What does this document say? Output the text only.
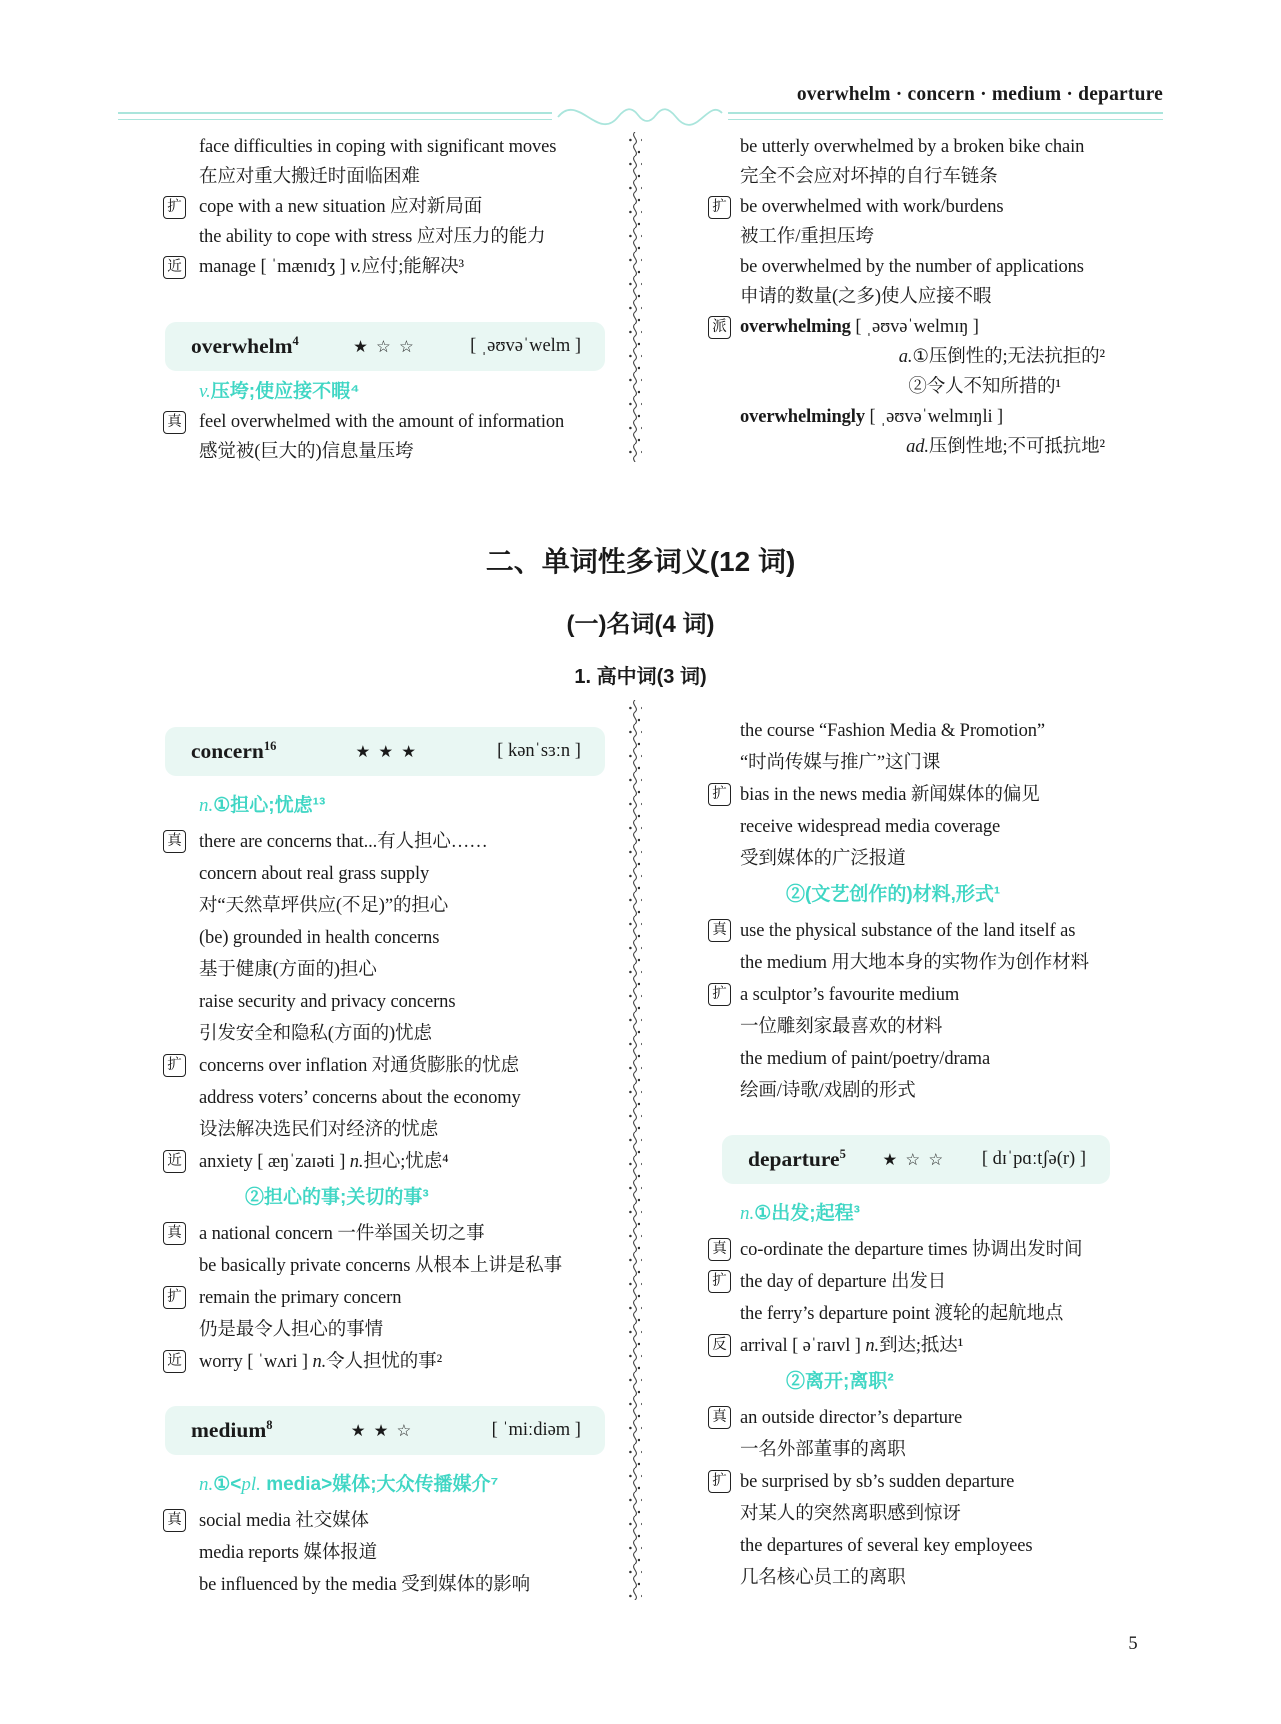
overwhelm · concern · medium · departure
二、单词性多词义(12 词)
(一)名词(4 词)
1. 高中词(3 词)
face difficulties in coping with significant moves
在应对重大搬迁时面临困难
扩 cope with a new situation 应对新局面
the ability to cope with stress 应对压力的能力
近 manage [ ˈmænɪdʒ ] v.应付;能解决³
overwhelm$^4$	★ ☆ ☆	[ ˌəʊvəˈwelm ]
v.压垮;使应接不暇⁴
真 feel overwhelmed with the amount of information
感觉被(巨大的)信息量压垮
be utterly overwhelmed by a broken bike chain
完全不会应对坏掉的自行车链条
扩 be overwhelmed with work/burdens
被工作/重担压垮
be overwhelmed by the number of applications
申请的数量(之多)使人应接不暇
派 overwhelming [ ˌəʊvəˈwelmɪŋ ]
a.①压倒性的;无法抗拒的²
②令人不知所措的¹
overwhelmingly [ ˌəʊvəˈwelmɪŋli ]
ad.压倒性地;不可抵抗地²
concern$^{16}$	★ ★ ★	[ kənˈsɜːn ]
n.①担心;忧虑¹³
真 there are concerns that...有人担心……
concern about real grass supply
对“天然草坪供应(不足)”的担心
(be) grounded in health concerns
基于健康(方面的)担心
raise security and privacy concerns
引发安全和隐私(方面的)忧虑
扩 concerns over inflation 对通货膨胀的忧虑
address voters’ concerns about the economy
设法解决选民们对经济的忧虑
近 anxiety [ æŋˈzaɪəti ] n.担心;忧虑⁴
②担心的事;关切的事³
真 a national concern 一件举国关切之事
be basically private concerns 从根本上讲是私事
扩 remain the primary concern
仍是最令人担心的事情
近 worry [ ˈwʌri ] n.令人担忧的事²
medium$^8$	★ ★ ☆	[ ˈmiːdiəm ]
n.①<pl. media>媒体;大众传播媒介⁷
真 social media 社交媒体
media reports 媒体报道
be influenced by the media 受到媒体的影响
the course “Fashion Media & Promotion”
“时尚传媒与推广”这门课
扩 bias in the news media 新闻媒体的偏见
receive widespread media coverage
受到媒体的广泛报道
②(文艺创作的)材料,形式¹
真 use the physical substance of the land itself as
the medium 用大地本身的实物作为创作材料
扩 a sculptor’s favourite medium
一位雕刻家最喜欢的材料
the medium of paint/poetry/drama
绘画/诗歌/戏剧的形式
departure$^5$ ★ ☆ ☆ [ dɪˈpɑːtʃə(r) ]
n.①出发;起程³
真 co-ordinate the departure times 协调出发时间
扩 the day of departure 出发日
the ferry’s departure point 渡轮的起航地点
反 arrival [ əˈraɪvl ] n.到达;抵达¹
②离开;离职²
真 an outside director’s departure
一名外部董事的离职
扩 be surprised by sb’s sudden departure
对某人的突然离职感到惊讶
the departures of several key employees
几名核心员工的离职
5
